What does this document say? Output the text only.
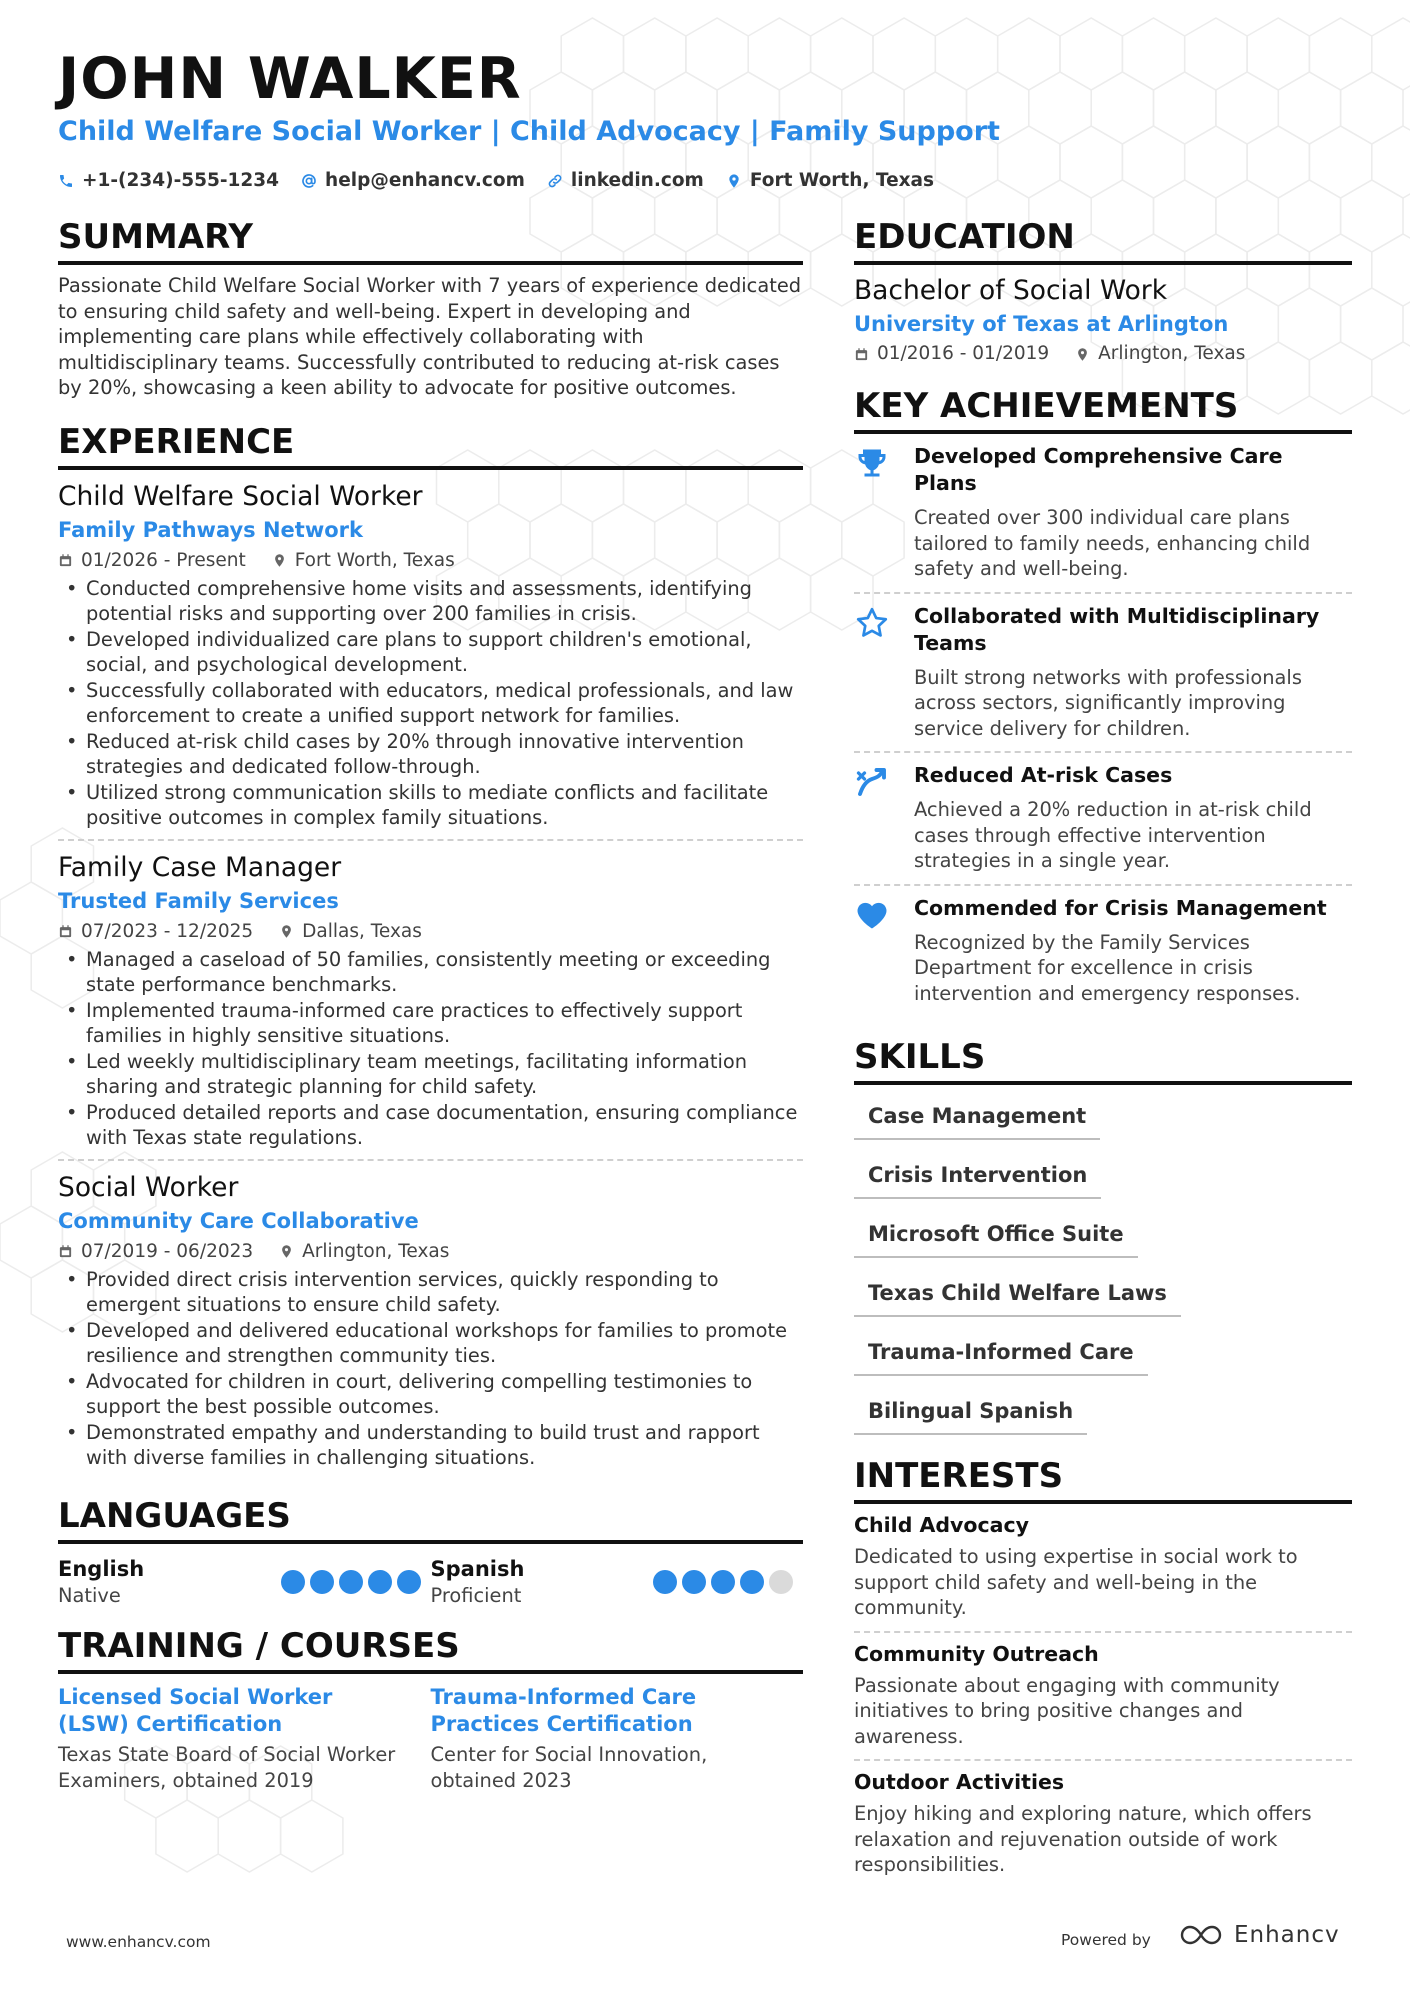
JOHN WALKER
Child Welfare Social Worker | Child Advocacy | Family Support
+1-(234)-555-1234 help@enhancv.com linkedin.com Fort Worth, Texas
SUMMARY
Passionate Child Welfare Social Worker with 7 years of experience dedicated to ensuring child safety and well-being. Expert in developing and implementing care plans while effectively collaborating with multidisciplinary teams. Successfully contributed to reducing at-risk cases by 20%, showcasing a keen ability to advocate for positive outcomes.
EXPERIENCE
Child Welfare Social Worker
Family Pathways Network
01/2026 - Present	Fort Worth, Texas
• Conducted comprehensive home visits and assessments, identifying potential risks and supporting over 200 families in crisis.
• Developed individualized care plans to support children's emotional, social, and psychological development.
• Successfully collaborated with educators, medical professionals, and law enforcement to create a unified support network for families.
• Reduced at-risk child cases by 20% through innovative intervention strategies and dedicated follow-through.
• Utilized strong communication skills to mediate conflicts and facilitate positive outcomes in complex family situations.
Family Case Manager
Trusted Family Services
07/2023 - 12/2025	Dallas, Texas
• Managed a caseload of 50 families, consistently meeting or exceeding state performance benchmarks.
• Implemented trauma-informed care practices to effectively support families in highly sensitive situations.
• Led weekly multidisciplinary team meetings, facilitating information sharing and strategic planning for child safety.
• Produced detailed reports and case documentation, ensuring compliance with Texas state regulations.
Social Worker
Community Care Collaborative
07/2019 - 06/2023	Arlington, Texas
• Provided direct crisis intervention services, quickly responding to emergent situations to ensure child safety.
• Developed and delivered educational workshops for families to promote resilience and strengthen community ties.
• Advocated for children in court, delivering compelling testimonies to support the best possible outcomes.
• Demonstrated empathy and understanding to build trust and rapport with diverse families in challenging situations.
LANGUAGES
English
Native
Spanish
Proficient
TRAINING / COURSES
Licensed Social Worker (LSW) Certification
Texas State Board of Social Worker Examiners, obtained 2019
Trauma-Informed Care Practices Certification
Center for Social Innovation, obtained 2023
EDUCATION
Bachelor of Social Work
University of Texas at Arlington
01/2016 - 01/2019	Arlington, Texas
KEY ACHIEVEMENTS
Developed Comprehensive Care Plans
Created over 300 individual care plans tailored to family needs, enhancing child safety and well-being.
Collaborated with Multidisciplinary Teams
Built strong networks with professionals across sectors, significantly improving service delivery for children.
Reduced At-risk Cases
Achieved a 20% reduction in at-risk child cases through effective intervention strategies in a single year.
Commended for Crisis Management
Recognized by the Family Services Department for excellence in crisis intervention and emergency responses.
SKILLS
Case Management
Crisis Intervention
Microsoft Office Suite
Texas Child Welfare Laws
Trauma-Informed Care
Bilingual Spanish
INTERESTS
Child Advocacy
Dedicated to using expertise in social work to support child safety and well-being in the community.
Community Outreach
Passionate about engaging with community initiatives to bring positive changes and awareness.
Outdoor Activities
Enjoy hiking and exploring nature, which offers relaxation and rejuvenation outside of work responsibilities.
www.enhancv.com	Powered by	Enhancv
